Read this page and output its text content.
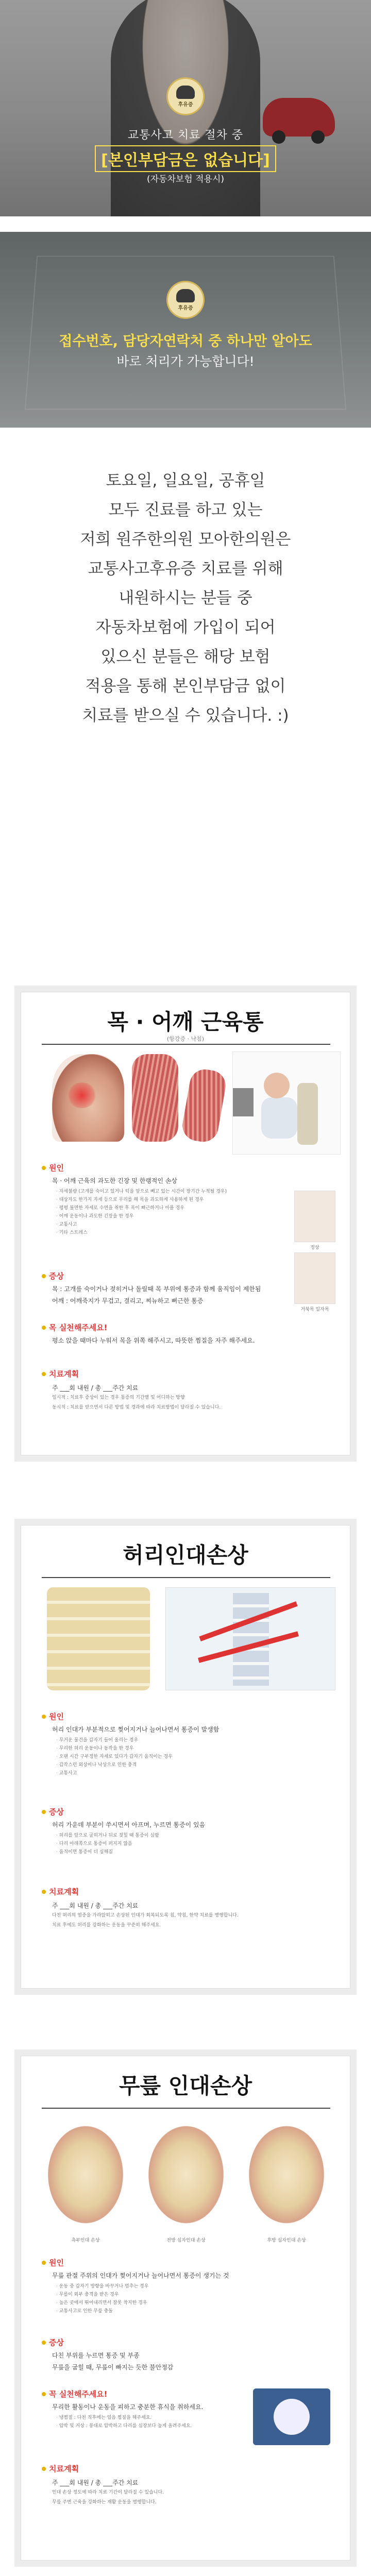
후유증
교통사고 치료 절차 중
[본인부담금은 없습니다]
(자동차보험 적용시)
후유증
접수번호, 담당자연락처 중 하나만 알아도
바로 처리가 가능합니다!

토요일, 일요일, 공휴일

모두 진료를 하고 있는

저희 원주한의원 모아한의원은

교통사고후유증 치료를 위해

내원하시는 분들 중

자동차보험에 가입이 되어

있으신 분들은 해당 보험

적용을 통해 본인부담금 없이

치료를 받으실 수 있습니다. :)

목 · 어깨 근육통
(항강증 · 낙침)
정상
거북목 일자목
원인
목 · 어깨 근육의 과도한 긴장 및 한랭적인 손상
· 자세불량 (고개를 숙이고 있거나 턱을 앞으로 빼고 있는 시간이 장기간 누적될 경우)
· 대상자도 한가지 자세 등으로 무리를 해 목을 과도하게 사용하게 된 경우
· 평평 불면한 자세로 수면을 취한 후 목이 뻐근하거나 아플 경우
· 어깨 운동이나 과도한 긴장을 한 경우
· 교통사고
· 기타 스트레스
증상
목 : 고개를 숙이거나 젖히거나 돌릴때 목 부위에 통증과 함께 움직임이 제한됨
어깨 : 어깨죽지가 무겁고, 결리고, 찌뉴하고 뻐근한 통증
목 실천해주세요!
평소 앉을 때마다 누워서 목을 위쪽 해주시고, 따뜻한 찜질을 자주 해주세요.
치료계획
주 ___회 내원 / 총 ___주간 치료
일시적 : 치료후 증상이 있는 경우 통증의 기간별 및 어디하는 방향
동시적 : 치료를 받으면서 다른 방법 및 경과에 따라 치료방법이 달라질 수 있습니다.
허리인대손상
원인
허리 인대가 부분적으로 찢어지거나 늘어나면서 통증이 발생함
· 무거운 물건을 갑자기 들어 올리는 경우
· 무리한 허리 운동이나 동작을 한 경우
· 오랜 시간 구부정한 자세로 있다가 갑자기 움직이는 경우
· 갑작스런 외상이나 낙상으로 인한 충격
· 교통사고
증상
허리 가운데 부분이 쑤시면서 아프며, 누르면 통증이 있음
· 허리를 앞으로 굽히거나 뒤로 젖힐 때 통증이 심함
· 다리 아래쪽으로 통증이 퍼지지 않음
· 움직이면 통증이 더 심해짐
치료계획
주 ___회 내원 / 총 ___주간 치료
다친 허리의 염증을 가라앉히고 손상된 인대가 회복되도록 침, 약침, 한약 치료를 병행합니다.
치료 후에도 허리를 강화하는 운동을 꾸준히 해주세요.
무릎 인대손상
측부인대 손상	전방 십자인대 손상	후방 십자인대 손상
원인
무릎 관절 주위의 인대가 찢어지거나 늘어나면서 통증이 생기는 것
· 운동 중 갑자기 방향을 바꾸거나 멈추는 경우
· 무릎이 외부 충격을 받은 경우
· 높은 곳에서 뛰어내리면서 잘못 착지한 경우
· 교통사고로 인한 무릎 충돌
증상
다친 부위를 누르면 통증 및 부종
무릎을 굽힐 때, 무릎이 빠지는 듯한 불안정감
꼭 실천해주세요!
무리한 활동이나 운동을 피하고 충분한 휴식을 취하세요.
· 냉찜질 : 다친 직후에는 얼음 찜질을 해주세요.
· 압박 및 거상 : 붕대로 압박하고 다리를 심장보다 높게 올려주세요.
치료계획
주 ___회 내원 / 총 ___주간 치료
인대 손상 정도에 따라 치료 기간이 달라질 수 있습니다.
무릎 주변 근육을 강화하는 재활 운동을 병행합니다.
